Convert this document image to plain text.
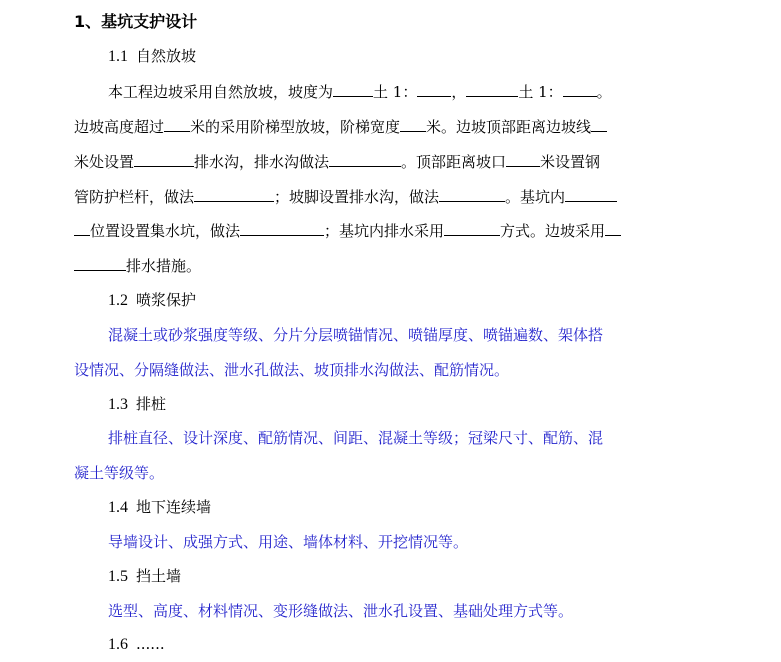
1、基坑支护设计
1.1 自然放坡
本工程边坡采用自然放坡，坡度为	土 1： ，	土 1： 。
边坡高度超过 米的采用阶梯型放坡，阶梯宽度 米。边坡顶部距离边坡线
米处设置	排水沟，排水沟做法	。顶部距离坡口 米设置钢
管防护栏杆，做法	；坡脚设置排水沟，做法	。基坑内
位置设置集水坑，做法	；基坑内排水采用	方式。边坡采用
排水措施。
1.2 喷浆保护
混凝土或砂浆强度等级、分片分层喷锚情况、喷锚厚度、喷锚遍数、架体搭
设情况、分隔缝做法、泄水孔做法、坡顶排水沟做法、配筋情况。
1.3 排桩
排桩直径、设计深度、配筋情况、间距、混凝土等级；冠梁尺寸、配筋、混
凝土等级等。
1.4 地下连续墙
导墙设计、成强方式、用途、墙体材料、开挖情况等。
1.5 挡土墙
选型、高度、材料情况、变形缝做法、泄水孔设置、基础处理方式等。
1.6 ......
